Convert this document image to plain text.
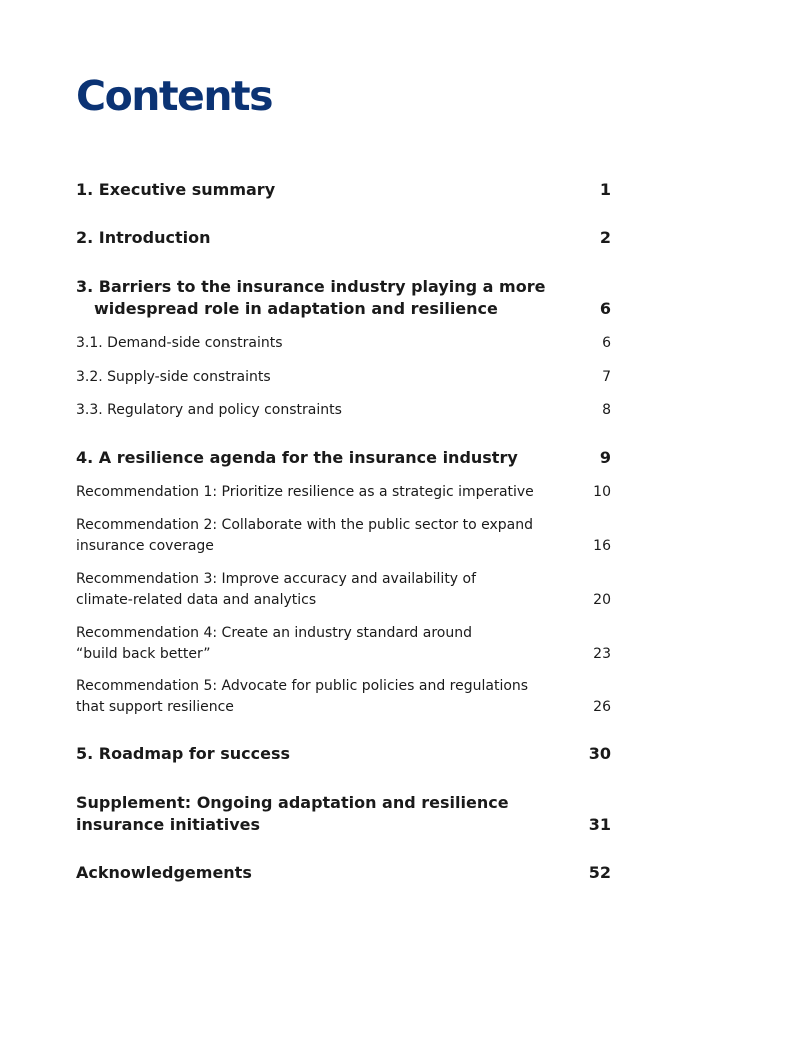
Contents
1. Executive summary	1
2. Introduction	2
3. Barriers to the insurance industry playing a more
widespread role in adaptation and resilience	6
3.1. Demand-side constraints	6
3.2. Supply-side constraints	7
3.3. Regulatory and policy constraints	8
4. A resilience agenda for the insurance industry	9
Recommendation 1: Prioritize resilience as a strategic imperative	10
Recommendation 2: Collaborate with the public sector to expand
insurance coverage	16
Recommendation 3: Improve accuracy and availability of
climate-related data and analytics	20
Recommendation 4: Create an industry standard around
“build back better”	23
Recommendation 5: Advocate for public policies and regulations
that support resilience	26
5. Roadmap for success	30
Supplement: Ongoing adaptation and resilience
insurance initiatives	31
Acknowledgements	52
